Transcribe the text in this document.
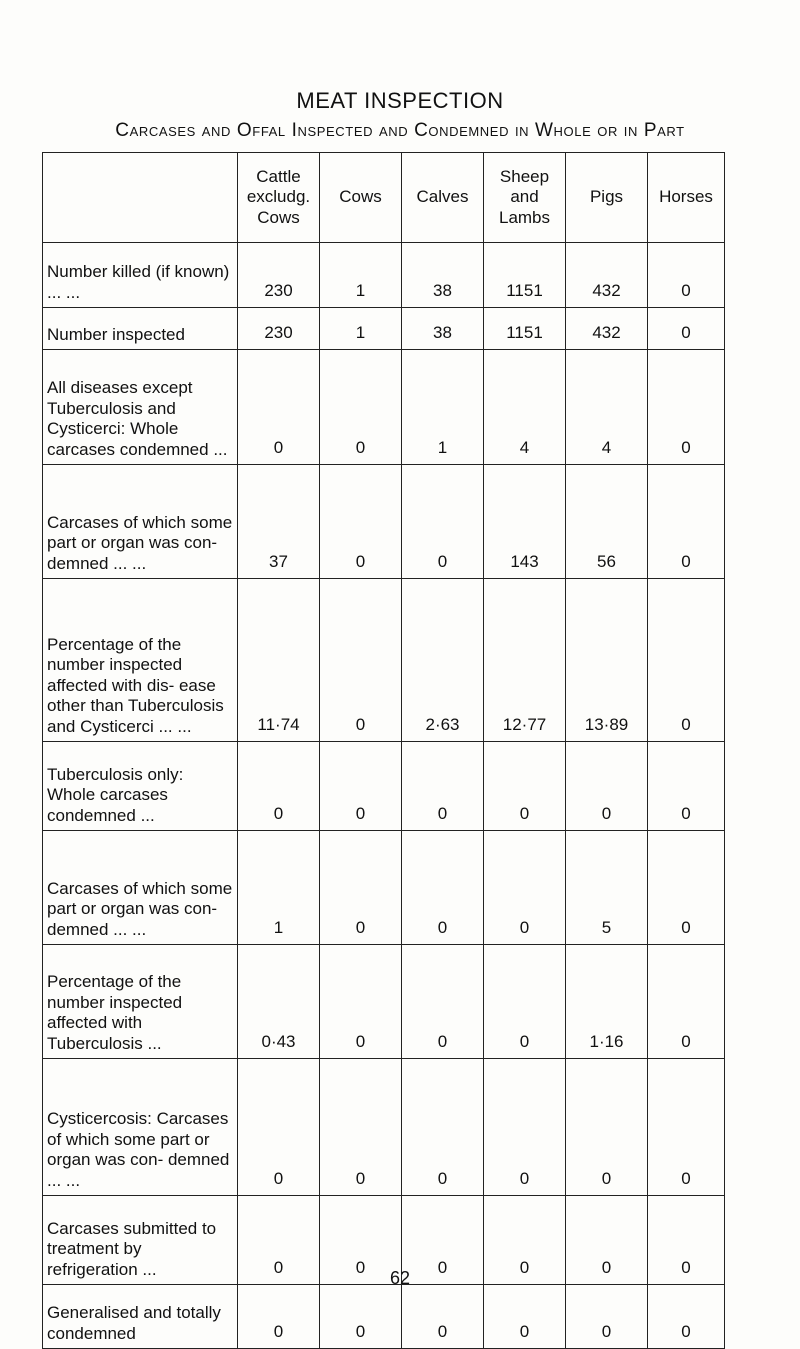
MEAT INSPECTION
Carcases and Offal Inspected and Condemned in Whole or in Part
	Cattle excludg. Cows	Cows	Calves	Sheep and Lambs	Pigs	Horses
Number killed (if known) ... ...	230	1	38	1151	432	0
Number inspected	230	1	38	1151	432	0
All diseases except Tuberculosis and Cysticerci: Whole carcases condemned ...	0	0	1	4	4	0
Carcases of which some part or organ was con- demned ... ...	37	0	0	143	56	0
Percentage of the number inspected affected with dis- ease other than Tuberculosis and Cysticerci ... ...	11·74	0	2·63	12·77	13·89	0
Tuberculosis only: Whole carcases condemned ...	0	0	0	0	0	0
Carcases of which some part or organ was con- demned ... ...	1	0	0	0	5	0
Percentage of the number inspected affected with Tuberculosis ...	0·43	0	0	0	1·16	0
Cysticercosis: Carcases of which some part or organ was con- demned ... ...	0	0	0	0	0	0
Carcases submitted to treatment by refrigeration ...	0	0	0	0	0	0
Generalised and totally condemned	0	0	0	0	0	0
62
